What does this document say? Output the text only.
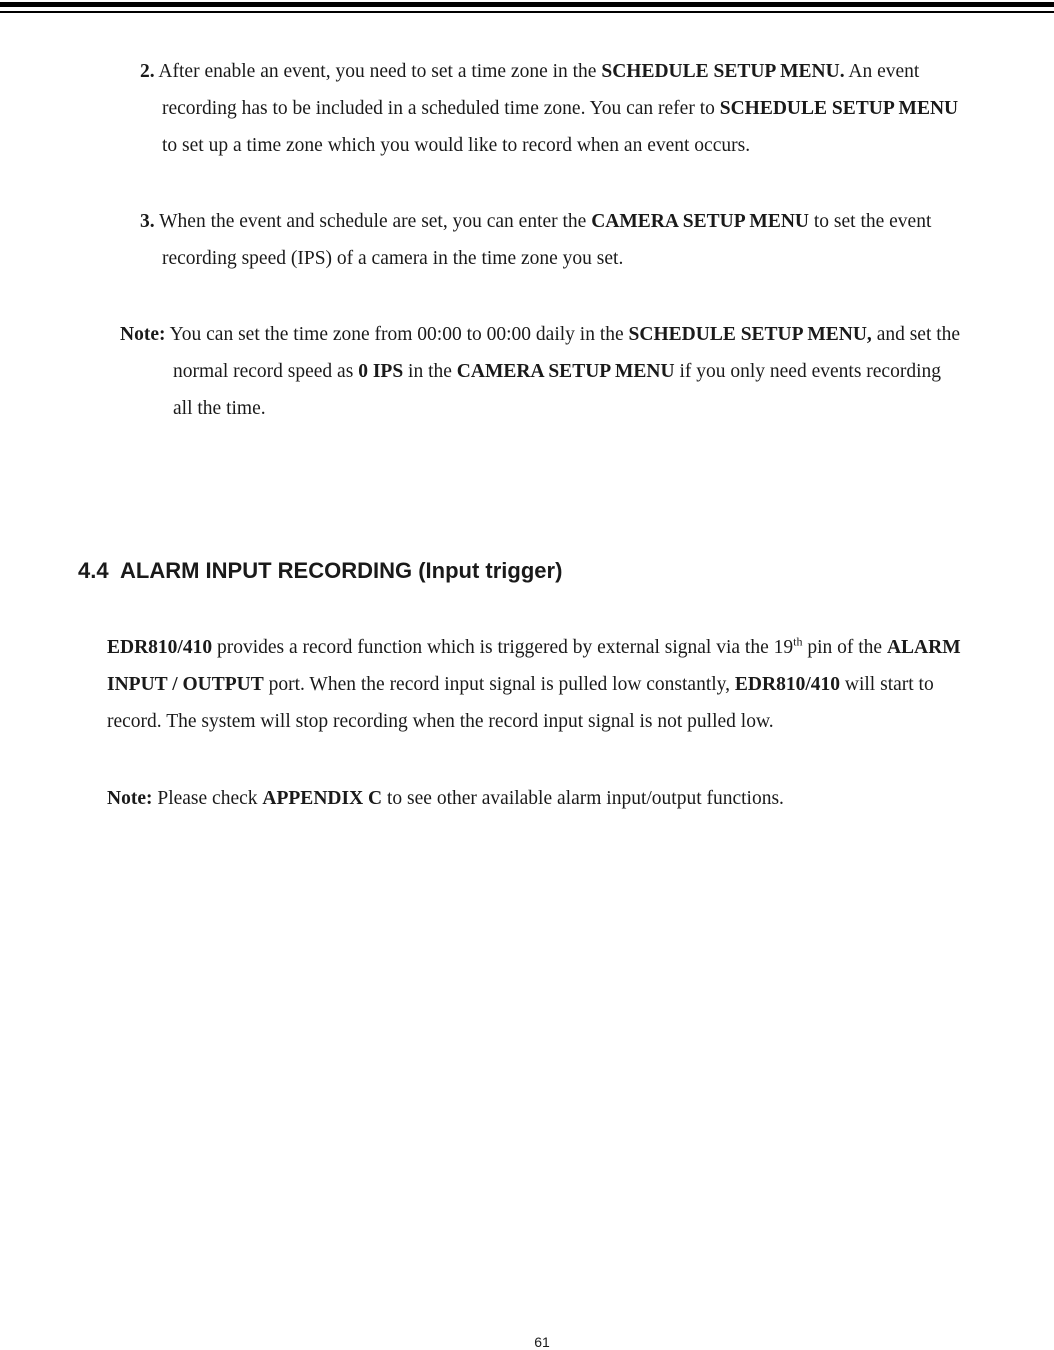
2. After enable an event, you need to set a time zone in the SCHEDULE SETUP MENU. An event
recording has to be included in a scheduled time zone. You can refer to SCHEDULE SETUP MENU
to set up a time zone which you would like to record when an event occurs.
3. When the event and schedule are set, you can enter the CAMERA SETUP MENU to set the event
recording speed (IPS) of a camera in the time zone you set.
Note: You can set the time zone from 00:00 to 00:00 daily in the SCHEDULE SETUP MENU, and set the
normal record speed as 0 IPS in the CAMERA SETUP MENU if you only need events recording
all the time.
4.4  ALARM INPUT RECORDING (Input trigger)
EDR810/410 provides a record function which is triggered by external signal via the 19th pin of the ALARM
INPUT / OUTPUT port. When the record input signal is pulled low constantly, EDR810/410 will start to
record. The system will stop recording when the record input signal is not pulled low.
Note: Please check APPENDIX C to see other available alarm input/output functions.
61
